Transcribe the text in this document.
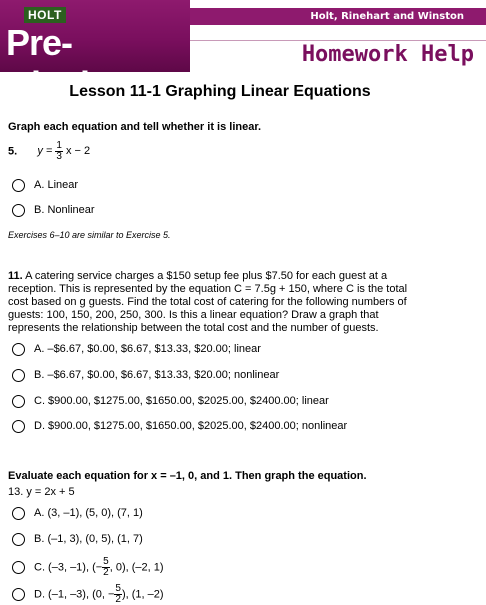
HOLT
Pre-Algebra
Holt, Rinehart and Winston
Homework Help
Lesson 11-1 Graphing Linear Equations
Graph each equation and tell whether it is linear.
5. $y = \frac{1}{3}$ x − 2
A. Linear
B. Nonlinear
Exercises 6–10 are similar to Exercise 5.
11. A catering service charges a $150 setup fee plus $7.50 for each guest at a
reception. This is represented by the equation C = 7.5g + 150, where C is the total
cost based on g guests. Find the total cost of catering for the following numbers of
guests: 100, 150, 200, 250, 300. Is this a linear equation? Draw a graph that
represents the relationship between the total cost and the number of guests.
A. –$6.67, $0.00, $6.67, $13.33, $20.00; linear
B. –$6.67, $0.00, $6.67, $13.33, $20.00; nonlinear
C. $900.00, $1275.00, $1650.00, $2025.00, $2400.00; linear
D. $900.00, $1275.00, $1650.00, $2025.00, $2400.00; nonlinear
Evaluate each equation for x = –1, 0, and 1. Then graph the equation.
13. y = 2x + 5
A. (3, –1), (5, 0), (7, 1)
B. (–1, 3), (0, 5), (1, 7)
C. (–3, –1), (− $\frac{5}{2}$ , 0), (–2, 1)
D. (–1, –3), (0, − $\frac{5}{2}$ ), (1, –2)
